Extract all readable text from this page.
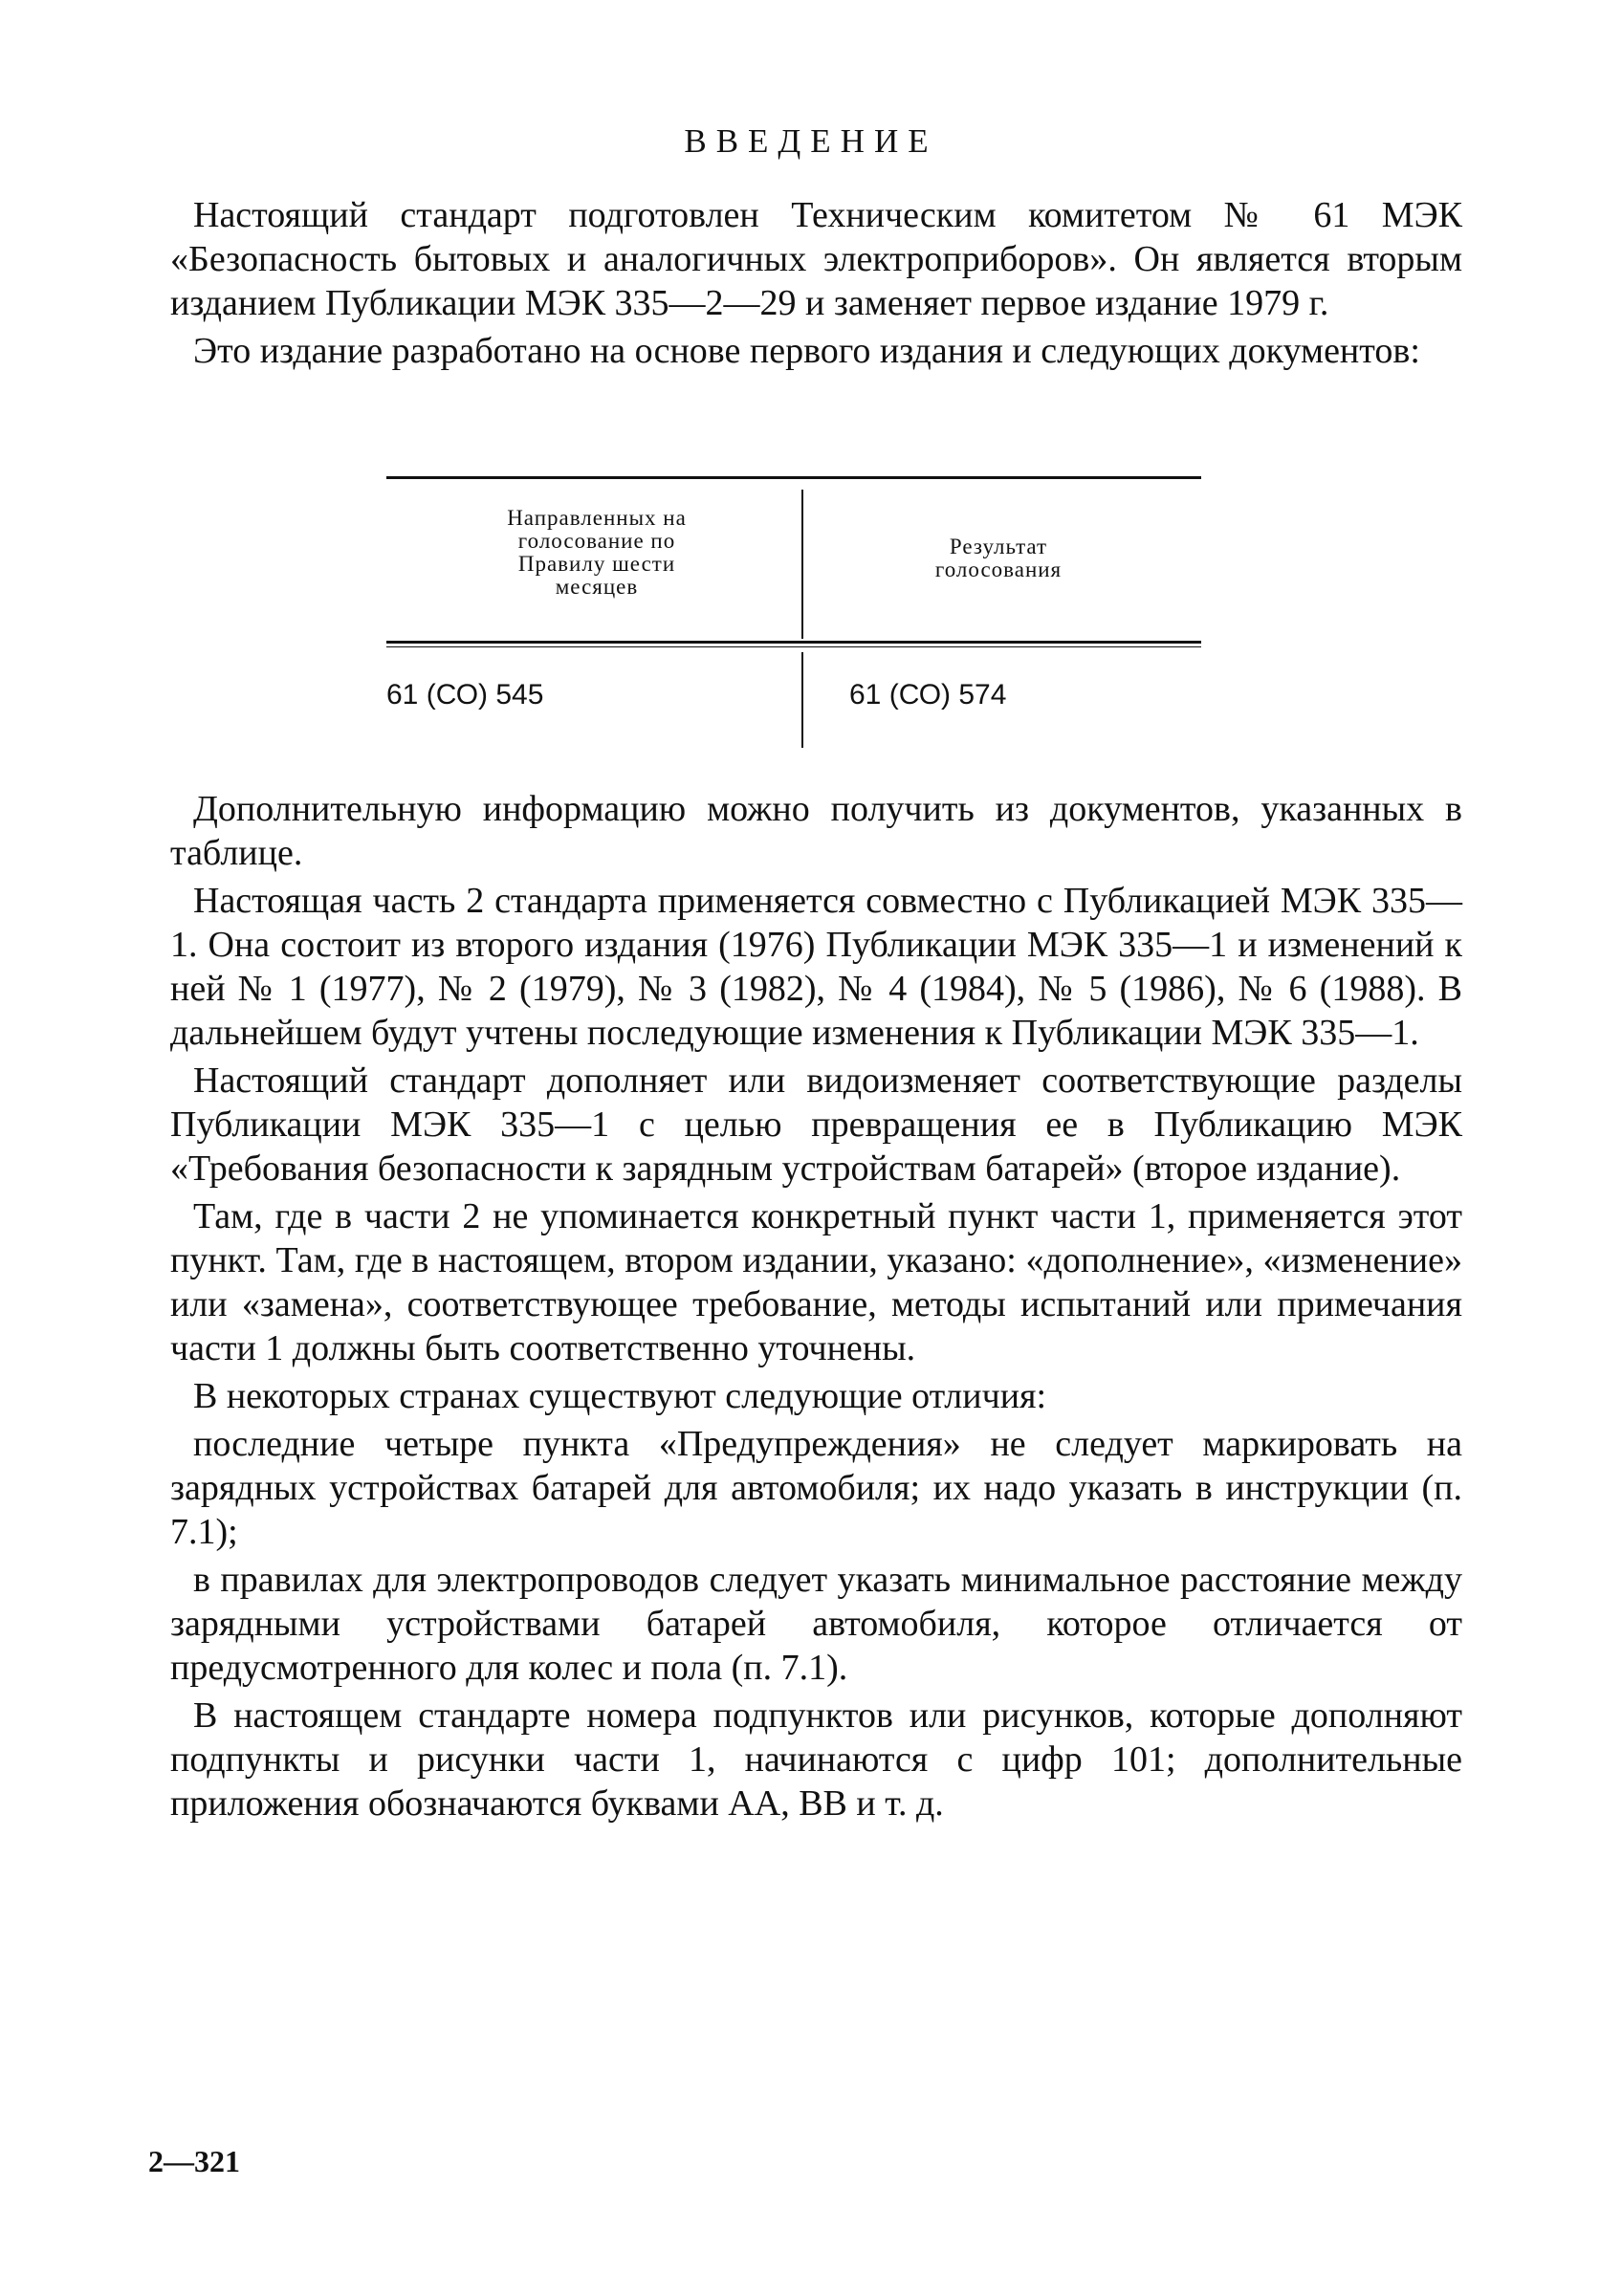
ВВЕДЕНИЕ

Настоящий стандарт подготовлен Техническим комитетом № 61 МЭК «Безопасность бытовых и аналогичных электроприборов». Он является вторым изданием Публикации МЭК 335—2—29 и заменяет первое издание 1979 г.

Это издание разработано на основе первого издания и следующих документов:

Направленных на
голосование по
Правилу шести
месяцев
Результат
голосования
61 (СО) 545	61 (СО) 574

Дополнительную информацию можно получить из документов, указанных в таблице.

Настоящая часть 2 стандарта применяется совместно с Публикацией МЭК 335—1. Она состоит из второго издания (1976) Публикации МЭК 335—1 и изменений к ней № 1 (1977), № 2 (1979), № 3 (1982), № 4 (1984), № 5 (1986), № 6 (1988). В дальнейшем будут учтены последующие изменения к Публикации МЭК 335—1.

Настоящий стандарт дополняет или видоизменяет соответствующие разделы Публикации МЭК 335—1 с целью превращения ее в Публикацию МЭК «Требования безопасности к зарядным устройствам батарей» (второе издание).

Там, где в части 2 не упоминается конкретный пункт части 1, применяется этот пункт. Там, где в настоящем, втором издании, указано: «дополнение», «изменение» или «замена», соответствующее требование, методы испытаний или примечания части 1 должны быть соответственно уточнены.

В некоторых странах существуют следующие отличия:

последние четыре пункта «Предупреждения» не следует маркировать на зарядных устройствах батарей для автомобиля; их надо указать в инструкции (п. 7.1);

в правилах для электропроводов следует указать минимальное расстояние между зарядными устройствами батарей автомобиля, которое отличается от предусмотренного для колес и пола (п. 7.1).

В настоящем стандарте номера подпунктов или рисунков, которые дополняют подпункты и рисунки части 1, начинаются с цифр 101; дополнительные приложения обозначаются буквами АА, ВВ и т. д.

2—321
